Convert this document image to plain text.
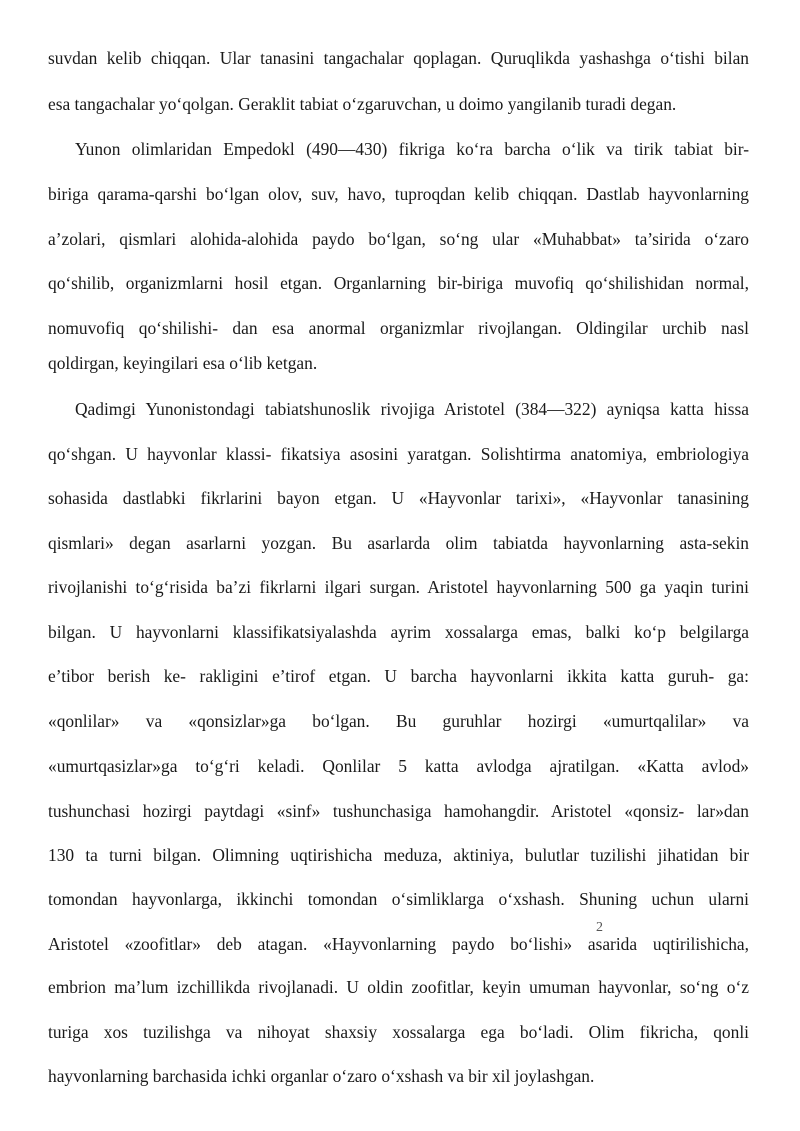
suvdan kelib chiqqan. Ular tanasini tangachalar qoplagan. Quruqlikda yashashga o‘tishi bilan
esa tangachalar yo‘qolgan. Geraklit tabiat o‘zgaruvchan, u doimo yangilanib turadi degan.
Yunon olimlaridan Empedokl (490—430) fikriga ko‘ra barcha o‘lik va tirik tabiat bir-
biriga qarama-qarshi bo‘lgan olov, suv, havo, tuproqdan kelib chiqqan. Dastlab hayvonlarning
a’zolari, qismlari alohida-alohida paydo bo‘lgan, so‘ng ular «Muhabbat» ta’sirida o‘zaro
qo‘shilib, organizmlarni hosil etgan. Organlarning bir-biriga muvofiq qo‘shilishidan normal,
nomuvofiq qo‘shilishi- dan esa anormal organizmlar rivojlangan. Oldingilar urchib nasl
qoldirgan, keyingilari esa o‘lib ketgan.
Qadimgi Yunonistondagi tabiatshunoslik rivojiga Aristotel (384—322) ayniqsa katta hissa
qo‘shgan. U hayvonlar klassi- fikatsiya asosini yaratgan. Solishtirma anatomiya, embriologiya
sohasida dastlabki fikrlarini bayon etgan. U «Hayvonlar tarixi», «Hayvonlar tanasining
qismlari» degan asarlarni yozgan. Bu asarlarda olim tabiatda hayvonlarning asta-sekin
rivojlanishi to‘g‘risida ba’zi fikrlarni ilgari surgan. Aristotel hayvonlarning 500 ga yaqin turini
bilgan. U hayvonlarni klassifikatsiyalashda ayrim xossalarga emas, balki ko‘p belgilarga
e’tibor berish ke- rakligini e’tirof etgan. U barcha hayvonlarni ikkita katta guruh- ga:
«qonlilar» va «qonsizlar»ga bo‘lgan. Bu guruhlar hozirgi «umurtqalilar» va
«umurtqasizlar»ga to‘g‘ri keladi. Qonlilar 5 katta avlodga ajratilgan. «Katta avlod»
tushunchasi hozirgi paytdagi «sinf» tushunchasiga hamohangdir. Aristotel «qonsiz- lar»dan
130 ta turni bilgan. Olimning uqtirishicha meduza, aktiniya, bulutlar tuzilishi jihatidan bir
tomondan hayvonlarga, ikkinchi tomondan o‘simliklarga o‘xshash. Shuning uchun ularni
Aristotel «zoofitlar» deb atagan. «Hayvonlarning paydo bo‘lishi» asarida uqtirilishicha,
embrion ma’lum izchillikda rivojlanadi. U oldin zoofitlar, keyin umuman hayvonlar, so‘ng o‘z
turiga xos tuzilishga va nihoyat shaxsiy xossalarga ega bo‘ladi. Olim fikricha, qonli
hayvonlarning barchasida ichki organlar o‘zaro o‘xshash va bir xil joylashgan.
2
